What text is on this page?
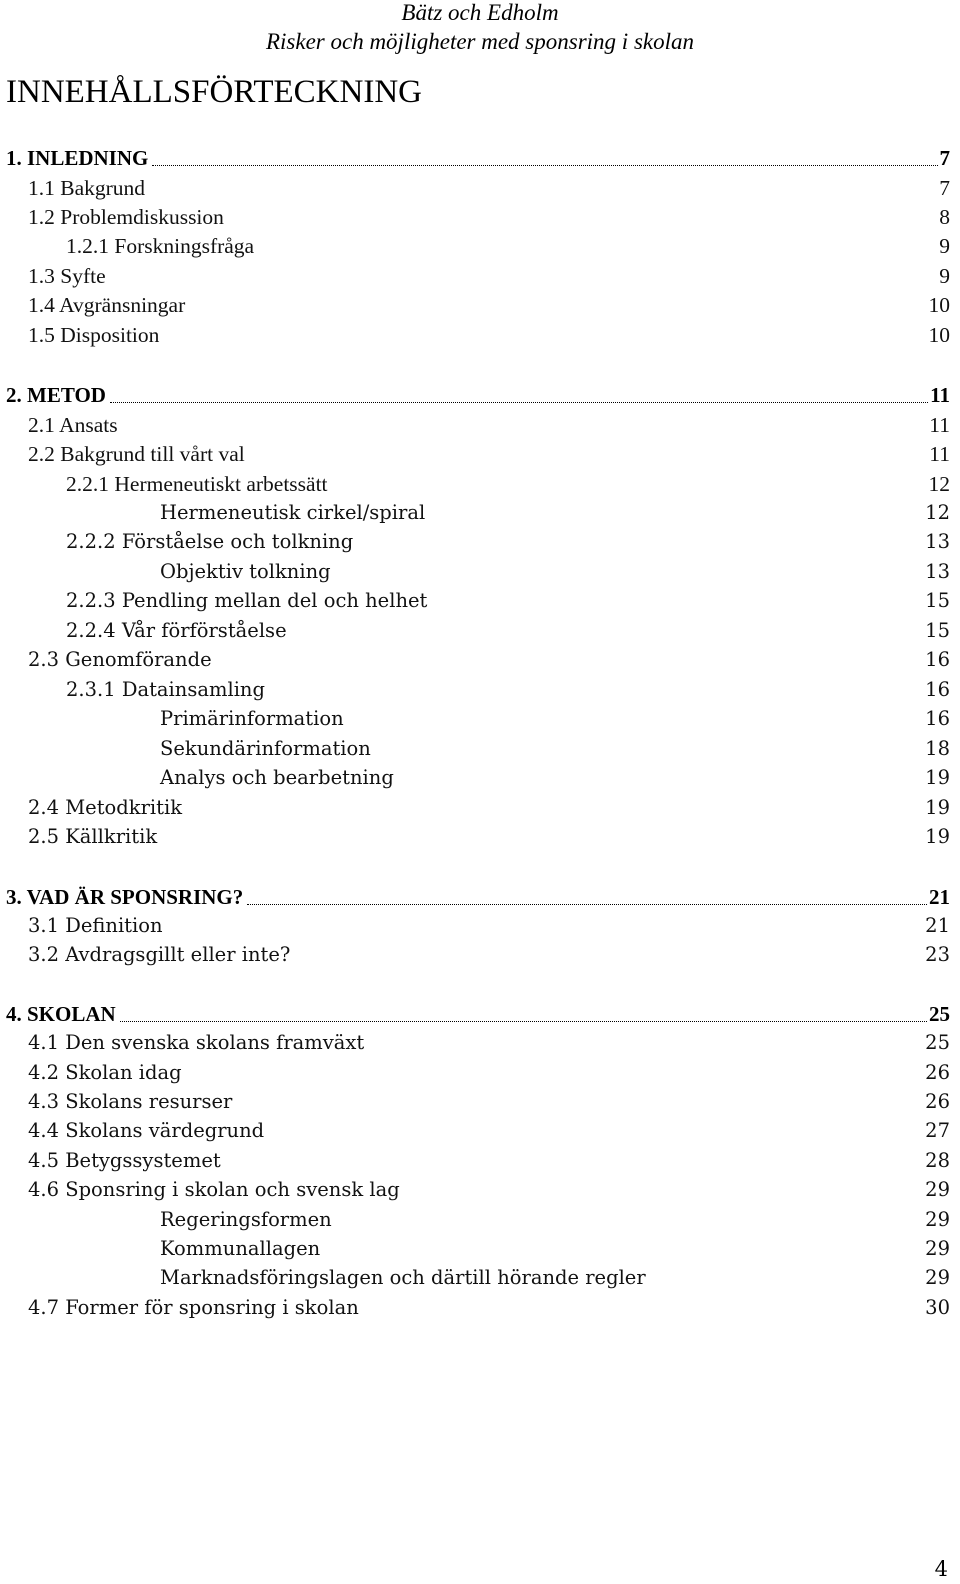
Bätz och Edholm
Risker och möjligheter med sponsring i skolan
INNEHÅLLSFÖRTECKNING
1. INLEDNING	7
1.1 Bakgrund	7
1.2 Problemdiskussion	8
1.2.1 Forskningsfråga	9
1.3 Syfte	9
1.4 Avgränsningar	10
1.5 Disposition	10
2. METOD	11
2.1 Ansats	11
2.2 Bakgrund till vårt val	11
2.2.1 Hermeneutiskt arbetssätt	12
Hermeneutisk cirkel/spiral	12
2.2.2 Förståelse och tolkning	13
Objektiv tolkning	13
2.2.3 Pendling mellan del och helhet	15
2.2.4 Vår förförståelse	15
2.3 Genomförande	16
2.3.1 Datainsamling	16
Primärinformation	16
Sekundärinformation	18
Analys och bearbetning	19
2.4 Metodkritik	19
2.5 Källkritik	19
3. VAD ÄR SPONSRING?	21
3.1 Definition	21
3.2 Avdragsgillt eller inte?	23
4. SKOLAN	25
4.1 Den svenska skolans framväxt	25
4.2 Skolan idag	26
4.3 Skolans resurser	26
4.4 Skolans värdegrund	27
4.5 Betygssystemet	28
4.6 Sponsring i skolan och svensk lag	29
Regeringsformen	29
Kommunallagen	29
Marknadsföringslagen och därtill hörande regler	29
4.7 Former för sponsring i skolan	30
4
